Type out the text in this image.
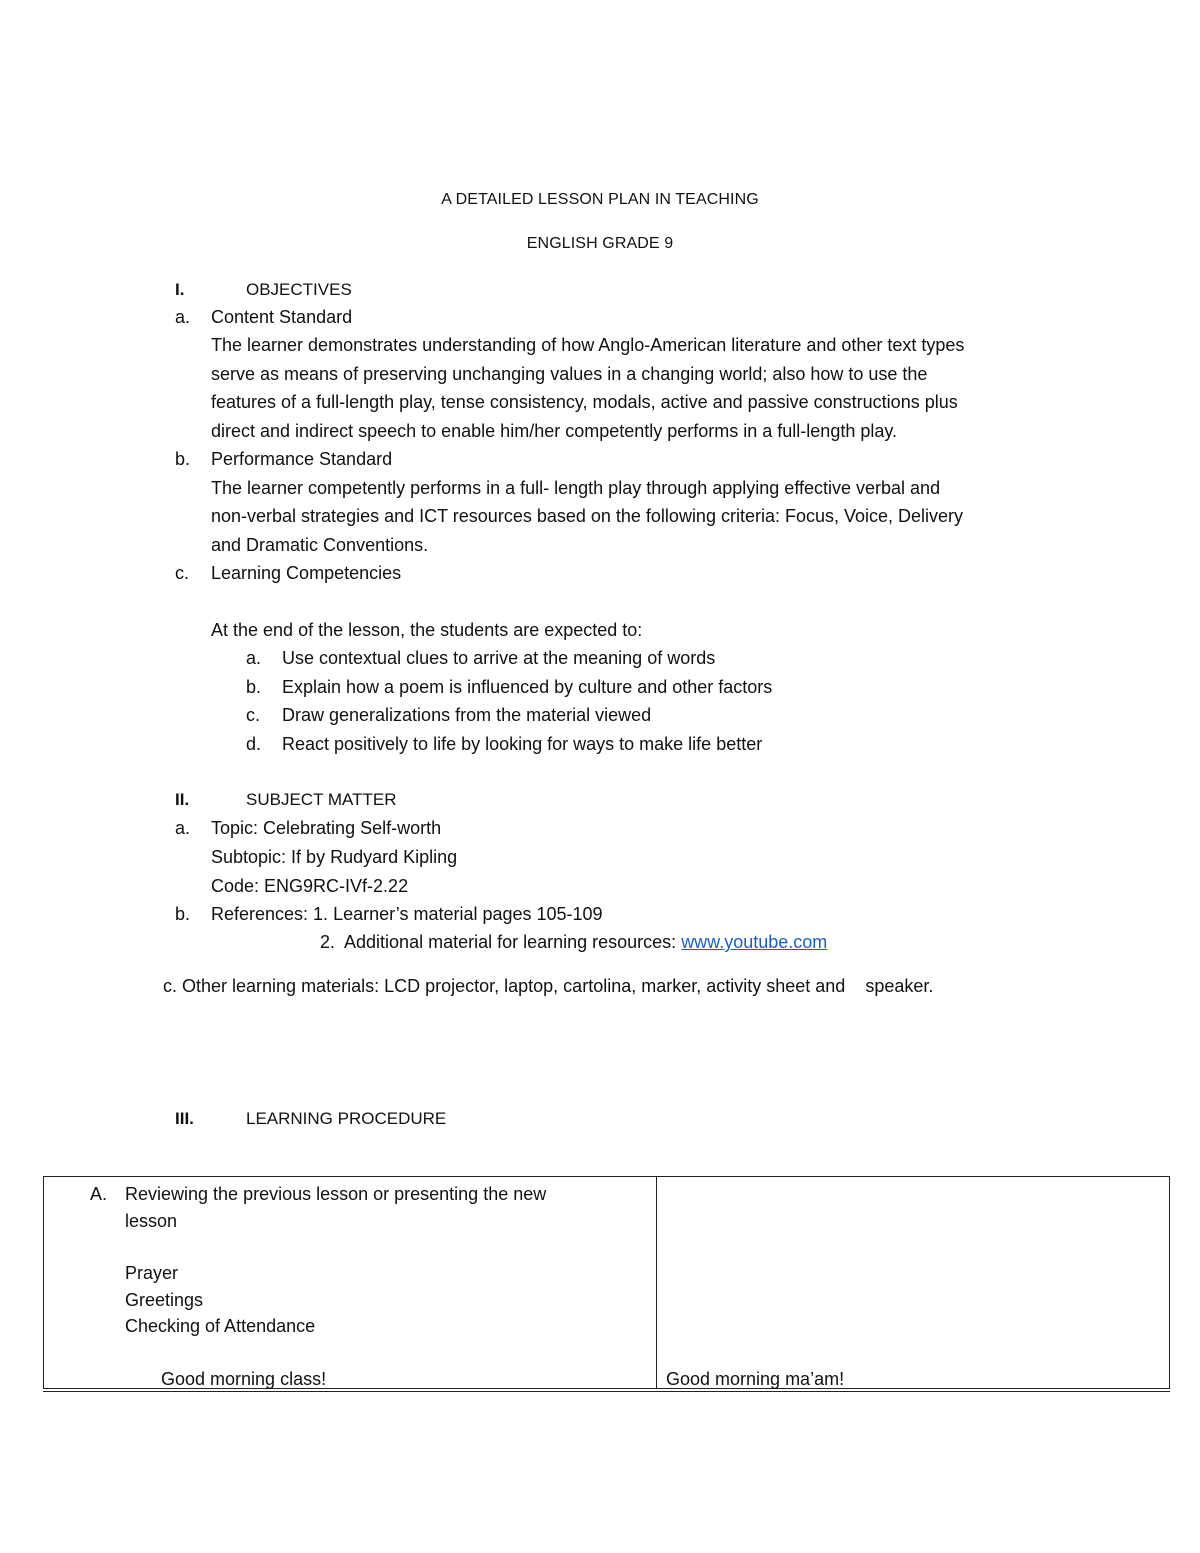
A DETAILED LESSON PLAN IN TEACHING
ENGLISH GRADE 9
I.	OBJECTIVES
a. Content Standard
The learner demonstrates understanding of how Anglo-American literature and other text types
serve as means of preserving unchanging values in a changing world; also how to use the
features of a full-length play, tense consistency, modals, active and passive constructions plus
direct and indirect speech to enable him/her competently performs in a full-length play.
b. Performance Standard
The learner competently performs in a full- length play through applying effective verbal and
non-verbal strategies and ICT resources based on the following criteria: Focus, Voice, Delivery
and Dramatic Conventions.
c. Learning Competencies
At the end of the lesson, the students are expected to:
a. Use contextual clues to arrive at the meaning of words
b. Explain how a poem is influenced by culture and other factors
c. Draw generalizations from the material viewed
d. React positively to life by looking for ways to make life better
II.	SUBJECT MATTER
a. Topic: Celebrating Self-worth
Subtopic: If by Rudyard Kipling
Code: ENG9RC-IVf-2.22
b. References: 1. Learner’s material pages 105-109
2.  Additional material for learning resources: www.youtube.com
c. Other learning materials: LCD projector, laptop, cartolina, marker, activity sheet and    speaker.
III.	LEARNING PROCEDURE
A. Reviewing the previous lesson or presenting the new
lesson
Prayer
Greetings
Checking of Attendance
Good morning class!	Good morning ma’am!
